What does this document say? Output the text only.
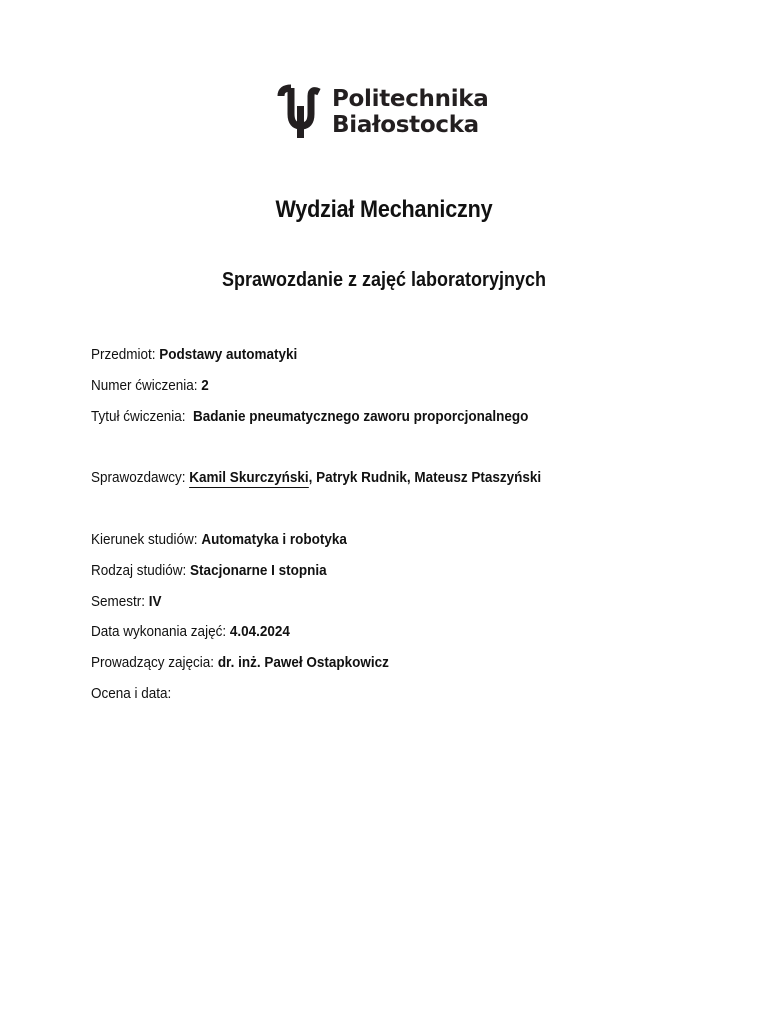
Politechnika
Białostocka
Wydział Mechaniczny
Sprawozdanie z zajęć laboratoryjnych
Przedmiot: Podstawy automatyki
Numer ćwiczenia: 2
Tytuł ćwiczenia:  Badanie pneumatycznego zaworu proporcjonalnego
Sprawozdawcy: Kamil Skurczyński, Patryk Rudnik, Mateusz Ptaszyński
Kierunek studiów: Automatyka i robotyka
Rodzaj studiów: Stacjonarne I stopnia
Semestr: IV
Data wykonania zajęć: 4.04.2024
Prowadzący zajęcia: dr. inż. Paweł Ostapkowicz
Ocena i data:
